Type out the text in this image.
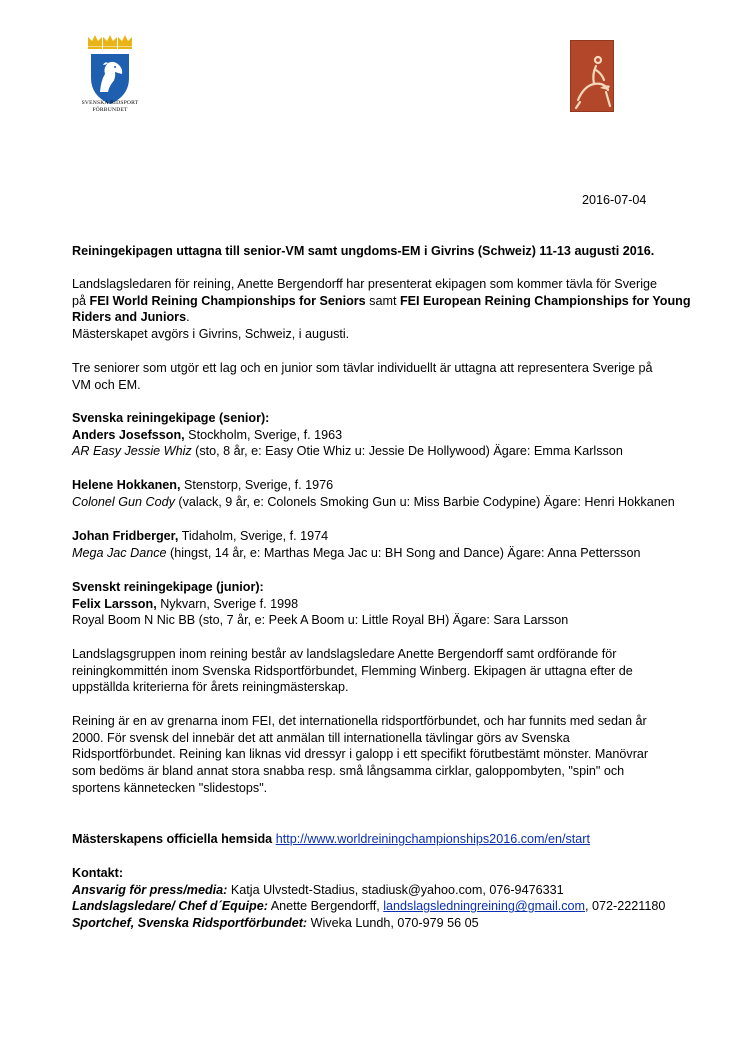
SVENSKA RIDSPORT
FÖRBUNDET
2016-07-04
Reiningekipagen uttagna till senior-VM samt ungdoms-EM i Givrins (Schweiz) 11-13 augusti 2016.
Landslagsledaren för reining, Anette Bergendorff har presenterat ekipagen som kommer tävla för Sverige
på FEI World Reining Championships for Seniors samt FEI European Reining Championships for Young
Riders and Juniors.
Mästerskapet avgörs i Givrins, Schweiz, i augusti.
Tre seniorer som utgör ett lag och en junior som tävlar individuellt är uttagna att representera Sverige på
VM och EM.
Svenska reiningekipage (senior):
Anders Josefsson, Stockholm, Sverige, f. 1963
AR Easy Jessie Whiz (sto, 8 år, e: Easy Otie Whiz u: Jessie De Hollywood) Ägare: Emma Karlsson
Helene Hokkanen, Stenstorp, Sverige, f. 1976
Colonel Gun Cody (valack, 9 år, e: Colonels Smoking Gun u: Miss Barbie Codypine) Ägare: Henri Hokkanen
Johan Fridberger, Tidaholm, Sverige, f. 1974
Mega Jac Dance (hingst, 14 år, e: Marthas Mega Jac u: BH Song and Dance) Ägare: Anna Pettersson
Svenskt reiningekipage (junior):
Felix Larsson, Nykvarn, Sverige f. 1998
Royal Boom N Nic BB (sto, 7 år, e: Peek A Boom u: Little Royal BH) Ägare: Sara Larsson
Landslagsgruppen inom reining består av landslagsledare Anette Bergendorff samt ordförande för
reiningkommittén inom Svenska Ridsportförbundet, Flemming Winberg. Ekipagen är uttagna efter de
uppställda kriterierna för årets reiningmästerskap.
Reining är en av grenarna inom FEI, det internationella ridsportförbundet, och har funnits med sedan år
2000. För svensk del innebär det att anmälan till internationella tävlingar görs av Svenska
Ridsportförbundet. Reining kan liknas vid dressyr i galopp i ett specifikt förutbestämt mönster. Manövrar
som bedöms är bland annat stora snabba resp. små långsamma cirklar, galoppombyten, "spin" och
sportens kännetecken "slidestops".
Mästerskapens officiella hemsida http://www.worldreiningchampionships2016.com/en/start
Kontakt:
Ansvarig för press/media: Katja Ulvstedt-Stadius, stadiusk@yahoo.com, 076-9476331
Landslagsledare/ Chef d´Equipe: Anette Bergendorff, landslagsledningreining@gmail.com, 072-2221180
Sportchef, Svenska Ridsportförbundet: Wiveka Lundh, 070-979 56 05
